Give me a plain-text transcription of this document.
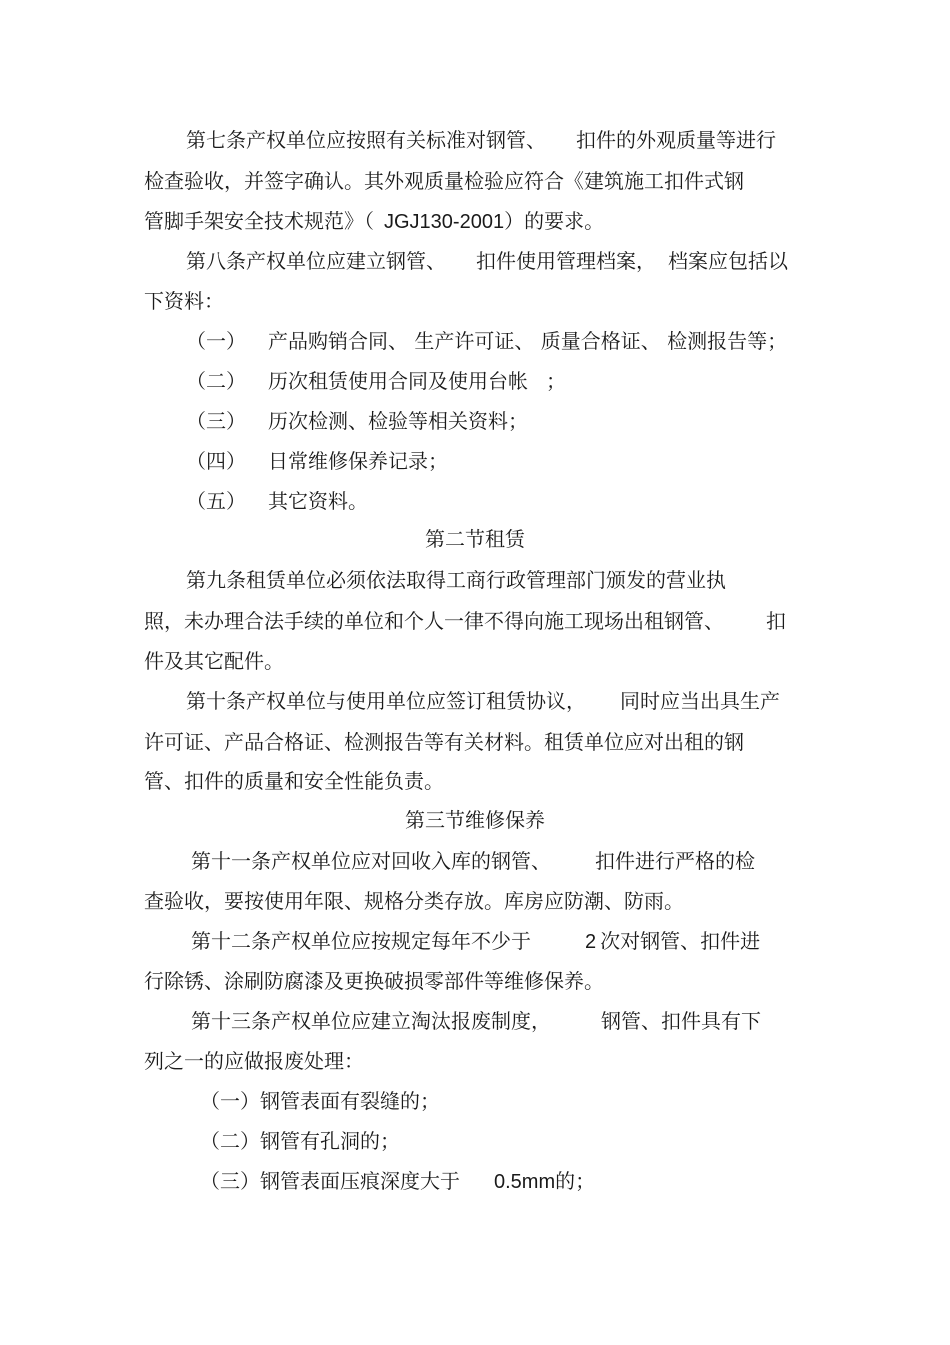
第七条产权单位应按照有关标准对钢管、 扣件的外观质量等进行
检查验收，并签字确认。其外观质量检验应符合《建筑施工扣件式钢
管脚手架安全技术规范》（ JGJ130-2001）的要求。
第八条产权单位应建立钢管、 扣件使用管理档案， 档案应包括以
下资料：
（一） 产品购销合同、 生产许可证、 质量合格证、 检测报告等；
（二） 历次租赁使用合同及使用台帐 ；
（三） 历次检测、检验等相关资料；
（四） 日常维修保养记录；
（五） 其它资料。
第二节租赁
第九条租赁单位必须依法取得工商行政管理部门颁发的营业执
照，未办理合法手续的单位和个人一律不得向施工现场出租钢管、 扣
件及其它配件。
第十条产权单位与使用单位应签订租赁协议， 同时应当出具生产
许可证、产品合格证、检测报告等有关材料。租赁单位应对出租的钢
管、扣件的质量和安全性能负责。
第三节维修保养
第十一条产权单位应对回收入库的钢管、 扣件进行严格的检
查验收，要按使用年限、规格分类存放。库房应防潮、防雨。
第十二条产权单位应按规定每年不少于	2 次对钢管、扣件进
行除锈、涂刷防腐漆及更换破损零部件等维修保养。
第十三条产权单位应建立淘汰报废制度，	钢管、扣件具有下
列之一的应做报废处理：
（一）钢管表面有裂缝的；
（二）钢管有孔洞的；
（三）钢管表面压痕深度大于 0.5mm的；
